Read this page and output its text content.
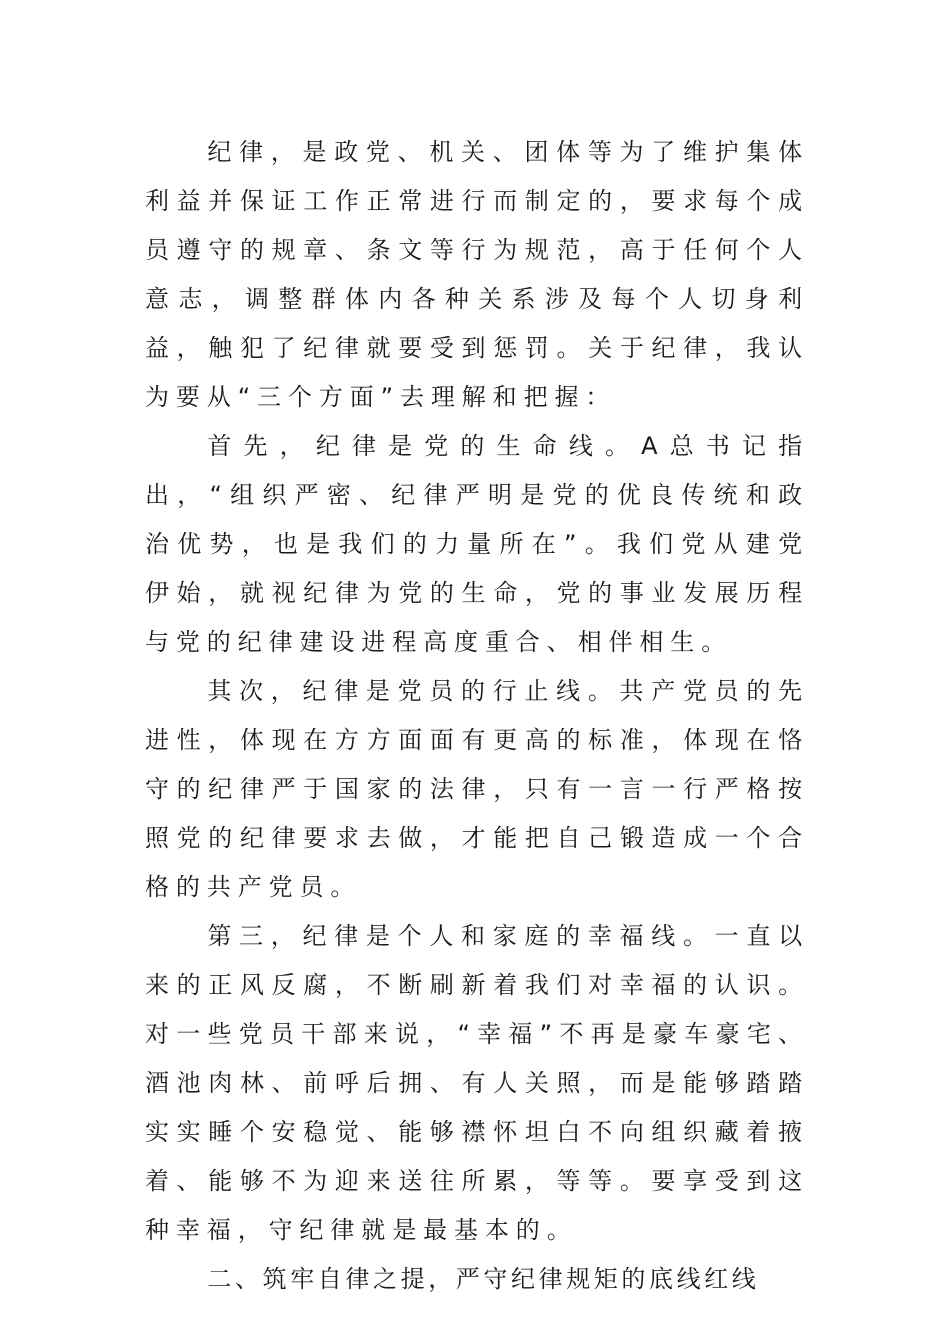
纪律，是政党、机关、团体等为了维护集体利益并保证工作正常进行而制定的，要求每个成员遵守的规章、条文等行为规范，高于任何个人意志，调整群体内各种关系涉及每个人切身利益，触犯了纪律就要受到惩罚。关于纪律，我认为要从“三个方面”去理解和把握：

首先，纪律是党的生命线。A总书记指出，“组织严密、纪律严明是党的优良传统和政治优势，也是我们的力量所在”。我们党从建党伊始，就视纪律为党的生命，党的事业发展历程与党的纪律建设进程高度重合、相伴相生。

其次，纪律是党员的行止线。共产党员的先进性，体现在方方面面有更高的标准，体现在恪守的纪律严于国家的法律，只有一言一行严格按照党的纪律要求去做，才能把自己锻造成一个合格的共产党员。

第三，纪律是个人和家庭的幸福线。一直以来的正风反腐，不断刷新着我们对幸福的认识。对一些党员干部来说，“幸福”不再是豪车豪宅、酒池肉林、前呼后拥、有人关照，而是能够踏踏实实睡个安稳觉、能够襟怀坦白不向组织藏着掖着、能够不为迎来送往所累，等等。要享受到这种幸福，守纪律就是最基本的。

二、筑牢自律之提，严守纪律规矩的底线红线
